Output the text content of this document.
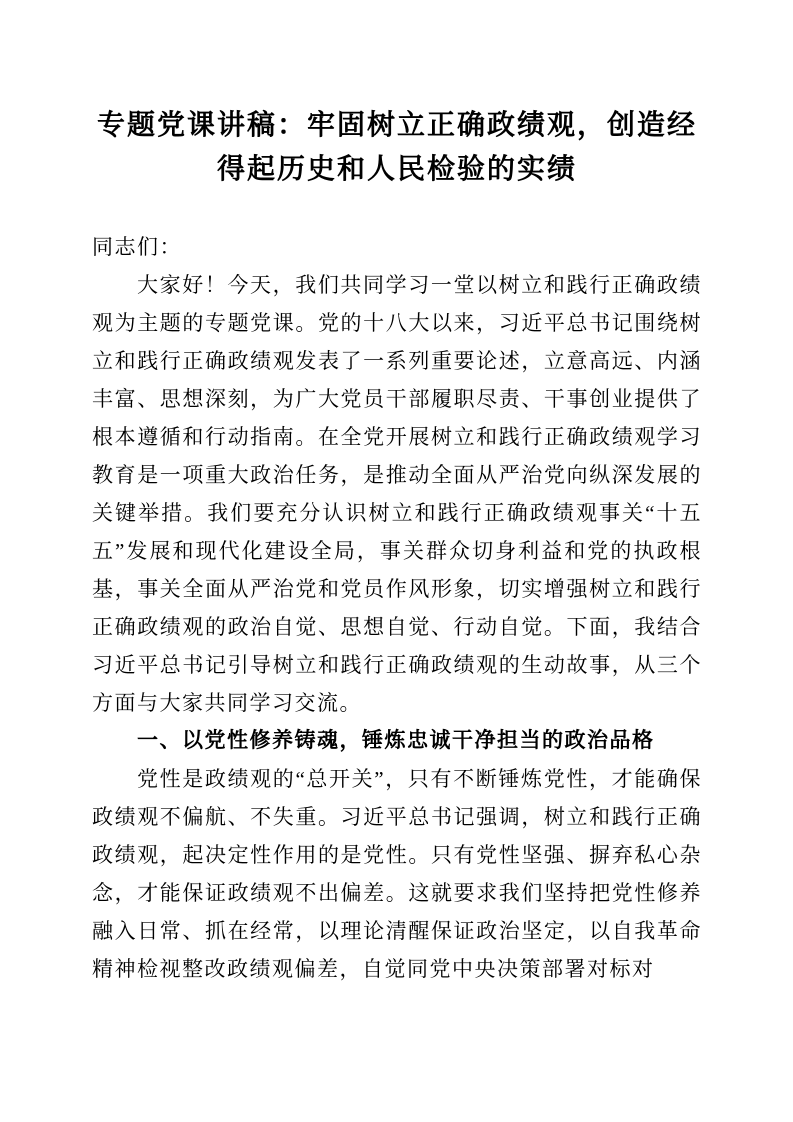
专题党课讲稿：牢固树立正确政绩观，创造经得起历史和人民检验的实绩

同志们：

大家好！今天，我们共同学习一堂以树立和践行正确政绩观为主题的专题党课。党的十八大以来，习近平总书记围绕树立和践行正确政绩观发表了一系列重要论述，立意高远、内涵丰富、思想深刻，为广大党员干部履职尽责、干事创业提供了根本遵循和行动指南。在全党开展树立和践行正确政绩观学习教育是一项重大政治任务，是推动全面从严治党向纵深发展的关键举措。我们要充分认识树立和践行正确政绩观事关“十五五”发展和现代化建设全局，事关群众切身利益和党的执政根基，事关全面从严治党和党员作风形象，切实增强树立和践行正确政绩观的政治自觉、思想自觉、行动自觉。下面，我结合习近平总书记引导树立和践行正确政绩观的生动故事，从三个方面与大家共同学习交流。

一、以党性修养铸魂，锤炼忠诚干净担当的政治品格

党性是政绩观的“总开关”，只有不断锤炼党性，才能确保政绩观不偏航、不失重。习近平总书记强调，树立和践行正确政绩观，起决定性作用的是党性。只有党性坚强、摒弃私心杂念，才能保证政绩观不出偏差。这就要求我们坚持把党性修养融入日常、抓在经常，以理论清醒保证政治坚定，以自我革命精神检视整改政绩观偏差，自觉同党中央决策部署对标对
